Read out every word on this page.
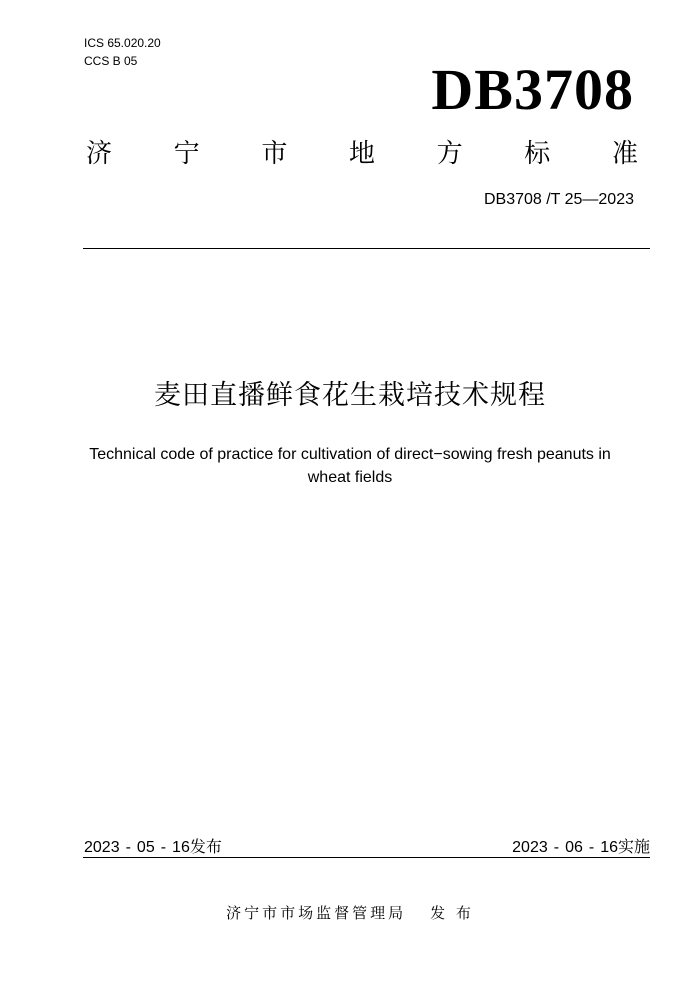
ICS 65.020.20
CCS B 05	DB3708
济 宁 市 地 方 标 准
DB3708 /T 25—2023
麦田直播鲜食花生栽培技术规程
Technical code of practice for cultivation of direct−sowing fresh peanuts in wheat fields
2023 - 05 - 16发布	2023 - 06 - 16实施
济宁市市场监督管理局 发 布
